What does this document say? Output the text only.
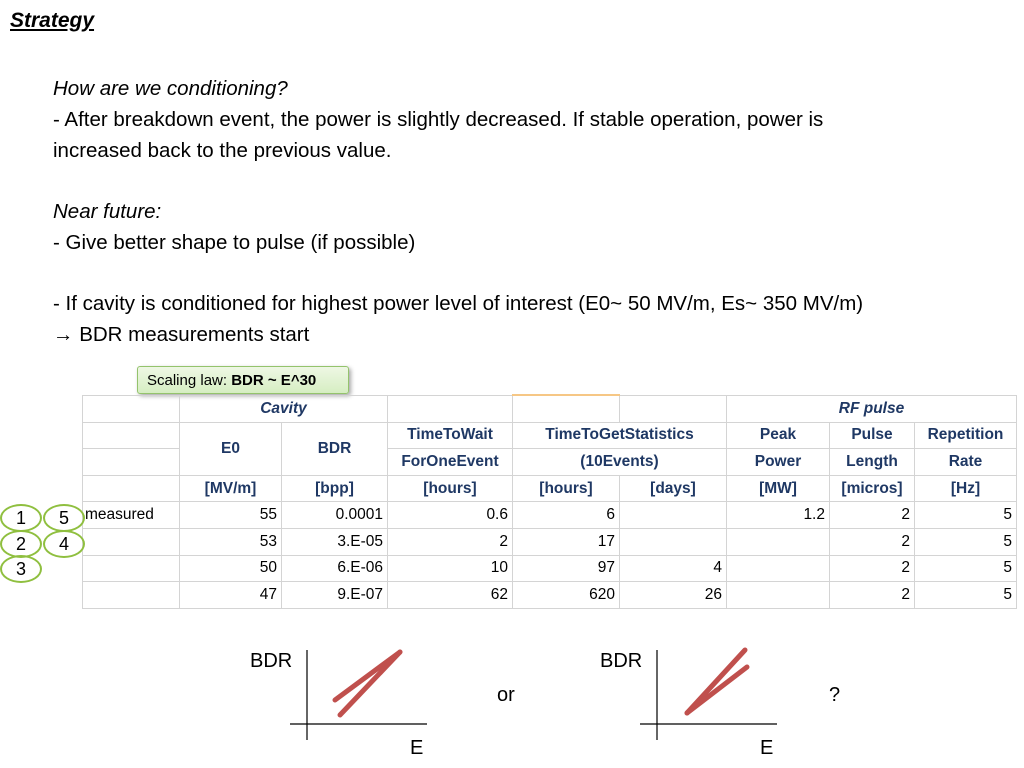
Strategy
How are we conditioning?
- After breakdown event, the power is slightly decreased. If stable operation, power is
increased back to the previous value.
Near future:
- Give better shape to pulse (if possible)
- If cavity is conditioned for highest power level of interest (E0~ 50 MV/m, Es~ 350 MV/m)
→ BDR measurements start
Scaling law: BDR ~ E^30
	Cavity					RF pulse		
	E0	BDR	TimeToWait	TimeToGetStatistics		Peak	Pulse	Repetition
			ForOneEvent	(10Events)		Power	Length	Rate
	[MV/m]	[bpp]	[hours]	[hours]	[days]	[MW]	[micros]	[Hz]
measured	55	0.0001	0.6	6		1.2	2	5
	53	3.E-05	2	17			2	5
	50	6.E-06	10	97	4		2	5
	47	9.E-07	62	620	26		2	5
1	5
2	4
3
BDR
E
or
BDR
E
?
